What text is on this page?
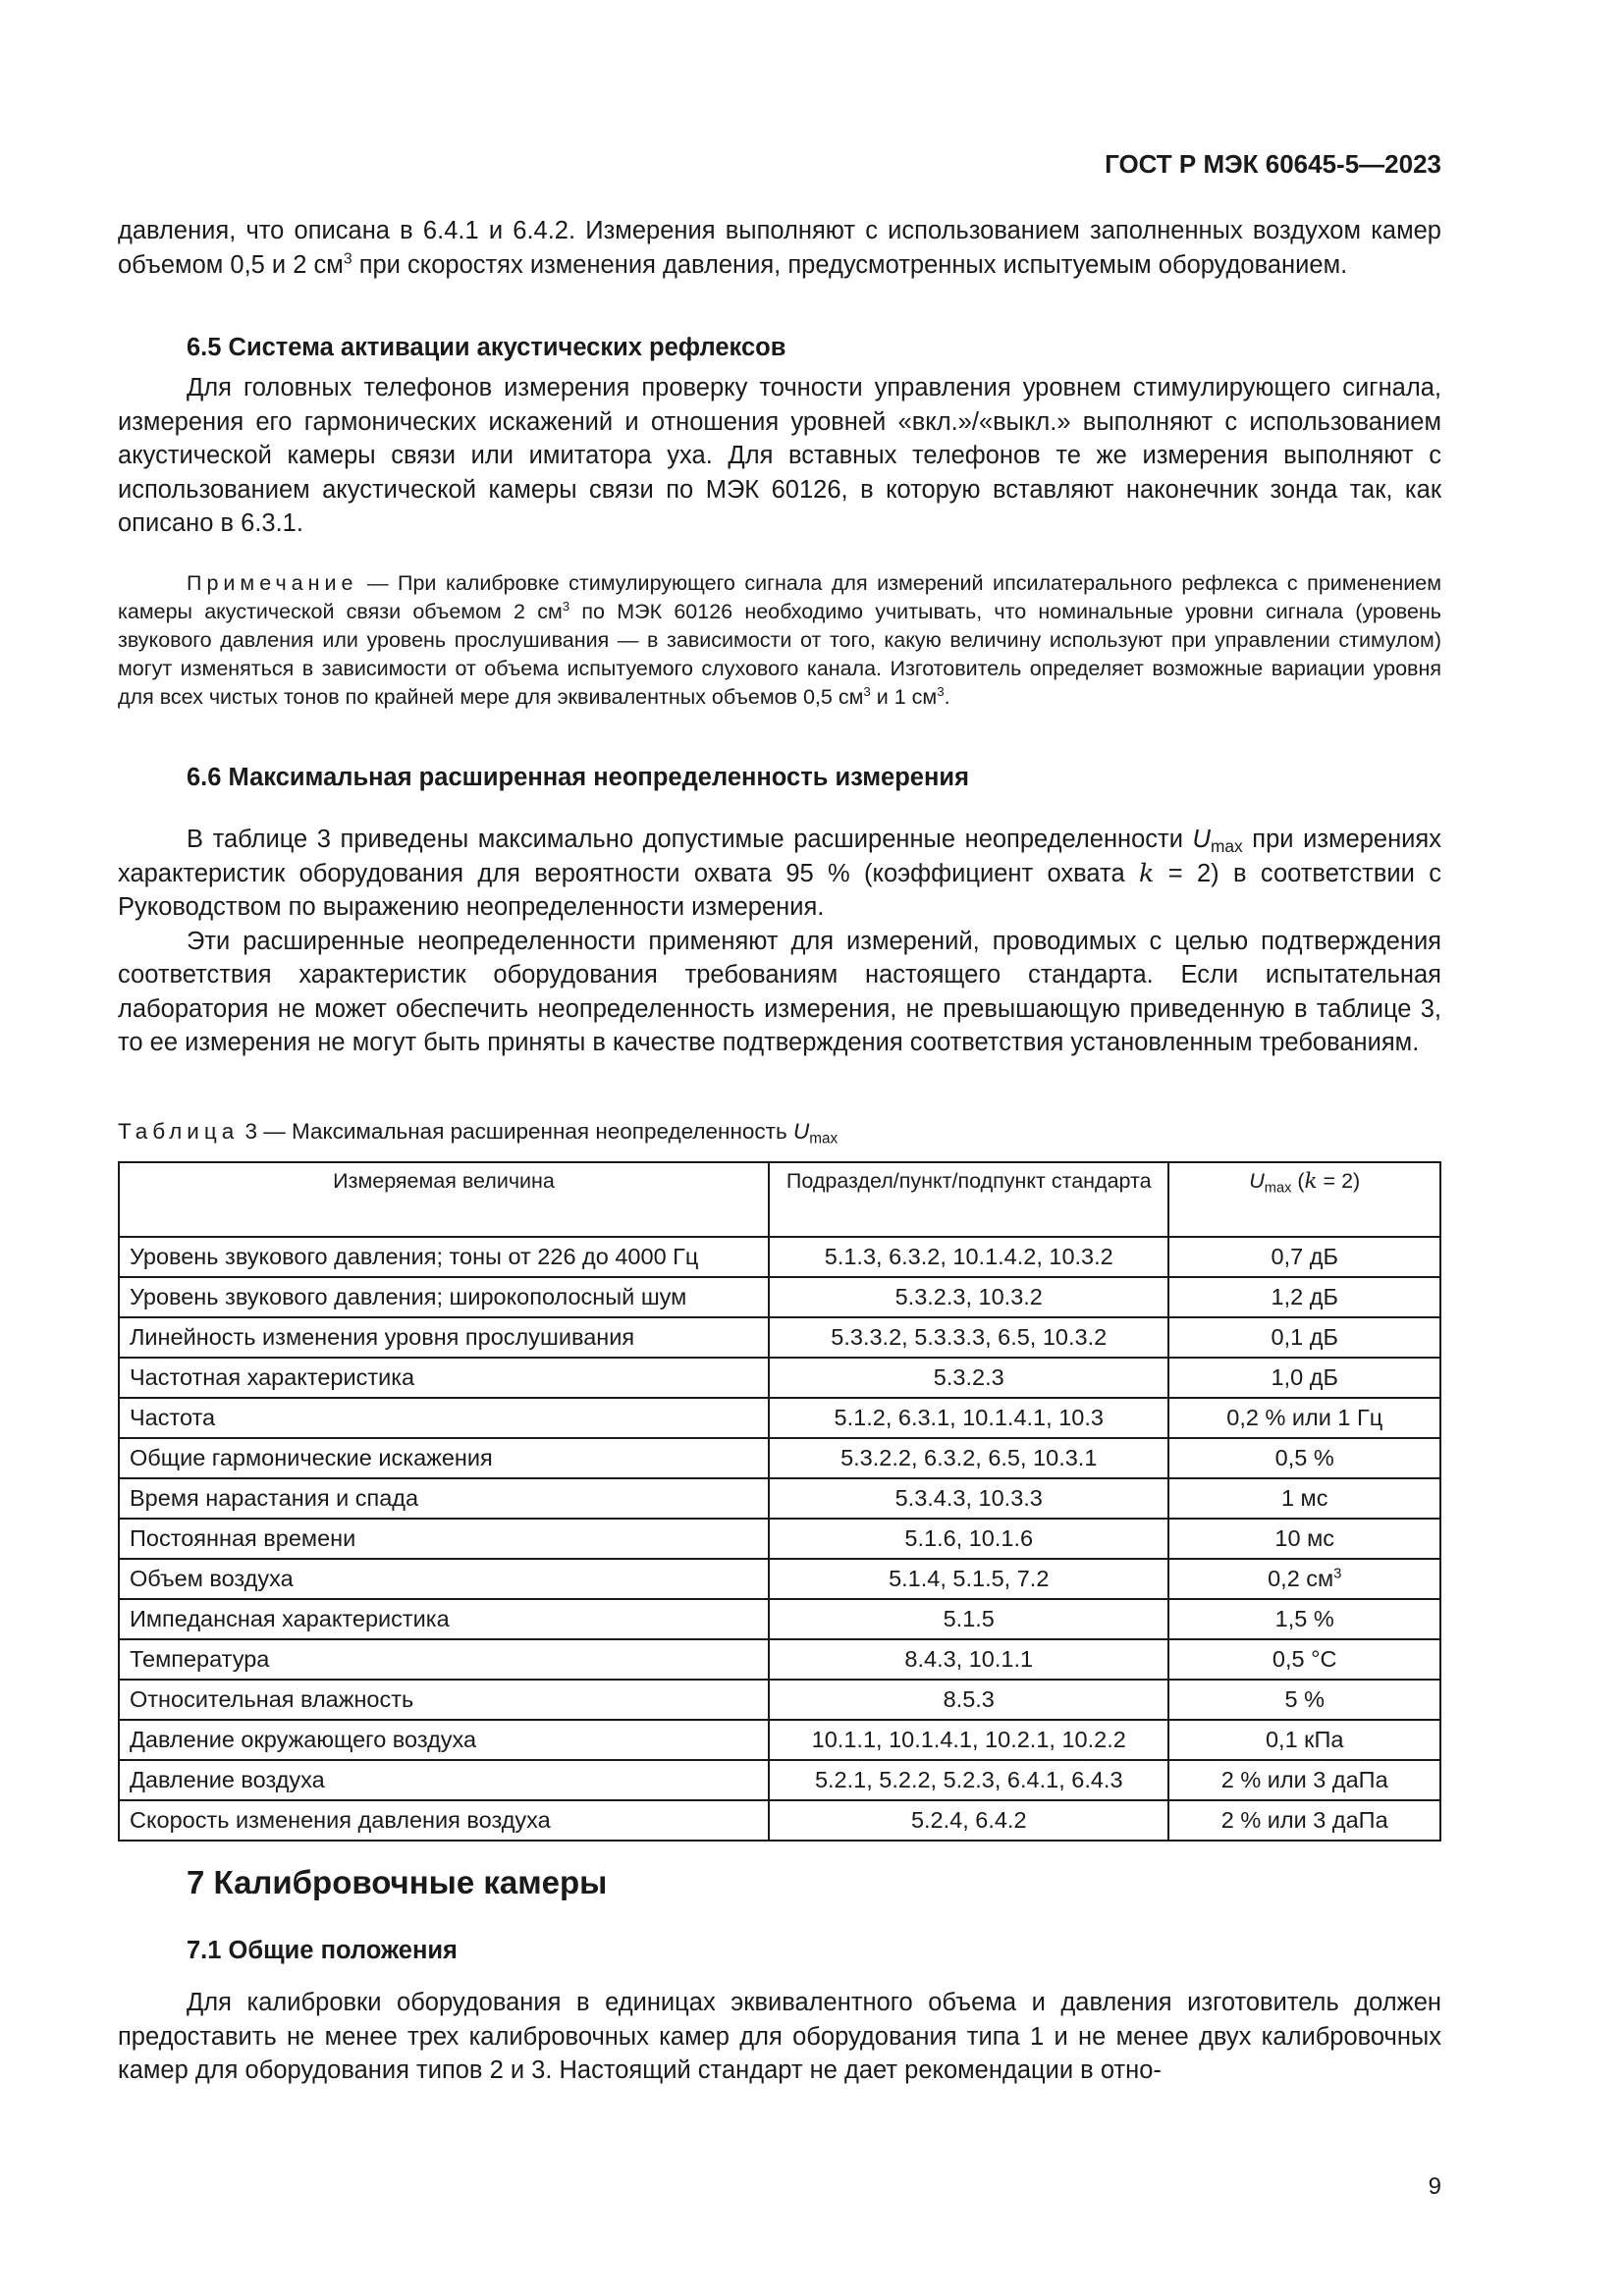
ГОСТ Р МЭК 60645-5—2023

давления, что описана в 6.4.1 и 6.4.2. Измерения выполняют с использованием заполненных воздухом камер объемом 0,5 и 2 $см^3$ при скоростях изменения давления, предусмотренных испытуемым оборудованием.

6.5 Система активации акустических рефлексов

Для головных телефонов измерения проверку точности управления уровнем стимулирующего сигнала, измерения его гармонических искажений и отношения уровней «вкл.»/«выкл.» выполняют с использованием акустической камеры связи или имитатора уха. Для вставных телефонов те же измерения выполняют с использованием акустической камеры связи по МЭК 60126, в которую вставляют наконечник зонда так, как описано в 6.3.1.

Примечание — При калибровке стимулирующего сигнала для измерений ипсилатерального рефлекса с применением камеры акустической связи объемом 2 $см^3$ по МЭК 60126 необходимо учитывать, что номинальные уровни сигнала (уровень звукового давления или уровень прослушивания — в зависимости от того, какую величину используют при управлении стимулом) могут изменяться в зависимости от объема испытуемого слухового канала. Изготовитель определяет возможные вариации уровня для всех чистых тонов по крайней мере для эквивалентных объемов 0,5 $см^3$ и 1 $см^3$.

6.6 Максимальная расширенная неопределенность измерения

В таблице 3 приведены максимально допустимые расширенные неопределенности $U_{max}$ при измерениях характеристик оборудования для вероятности охвата 95 % (коэффициент охвата k = 2) в соответствии с Руководством по выражению неопределенности измерения.

Эти расширенные неопределенности применяют для измерений, проводимых с целью подтверждения соответствия характеристик оборудования требованиям настоящего стандарта. Если испытательная лаборатория не может обеспечить неопределенность измерения, не превышающую приведенную в таблице 3, то ее измерения не могут быть приняты в качестве подтверждения соответствия установленным требованиям.

Таблица 3 — Максимальная расширенная неопределенность $U_{max}$
Измеряемая величина	Подраздел/пункт/подпункт стандарта	$U_{max}$ (k = 2)
Уровень звукового давления; тоны от 226 до 4000 Гц	5.1.3, 6.3.2, 10.1.4.2, 10.3.2	0,7 дБ
Уровень звукового давления; широкополосный шум	5.3.2.3, 10.3.2	1,2 дБ
Линейность изменения уровня прослушивания	5.3.3.2, 5.3.3.3, 6.5, 10.3.2	0,1 дБ
Частотная характеристика	5.3.2.3	1,0 дБ
Частота	5.1.2, 6.3.1, 10.1.4.1, 10.3	0,2 % или 1 Гц
Общие гармонические искажения	5.3.2.2, 6.3.2, 6.5, 10.3.1	0,5 %
Время нарастания и спада	5.3.4.3, 10.3.3	1 мс
Постоянная времени	5.1.6, 10.1.6	10 мс
Объем воздуха	5.1.4, 5.1.5, 7.2	0,2 $см^3$
Импедансная характеристика	5.1.5	1,5 %
Температура	8.4.3, 10.1.1	0,5 °C
Относительная влажность	8.5.3	5 %
Давление окружающего воздуха	10.1.1, 10.1.4.1, 10.2.1, 10.2.2	0,1 кПа
Давление воздуха	5.2.1, 5.2.2, 5.2.3, 6.4.1, 6.4.3	2 % или 3 даПа
Скорость изменения давления воздуха	5.2.4, 6.4.2	2 % или 3 даПа
7 Калибровочные камеры
7.1 Общие положения

Для калибровки оборудования в единицах эквивалентного объема и давления изготовитель должен предоставить не менее трех калибровочных камер для оборудования типа 1 и не менее двух калибровочных камер для оборудования типов 2 и 3. Настоящий стандарт не дает рекомендации в отно-

9
